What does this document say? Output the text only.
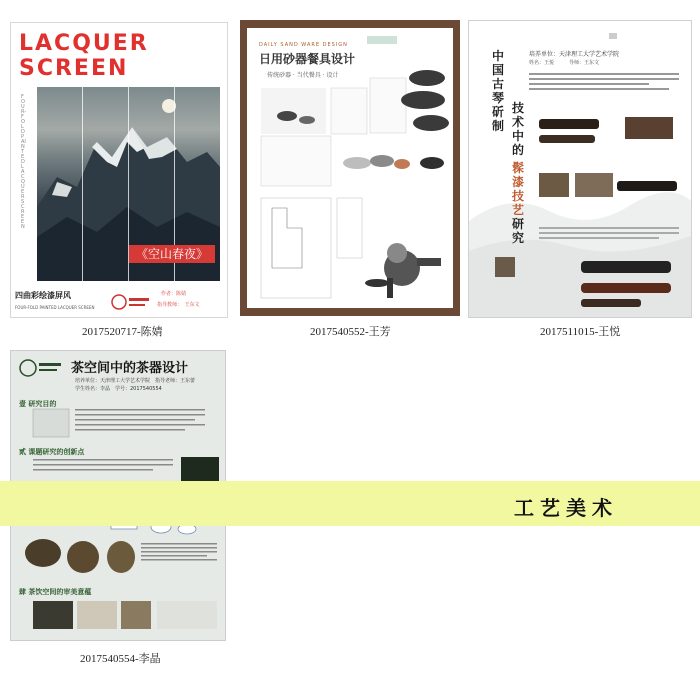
LACQUER
SCREEN
FOUR-FOLD PAINTED LACQUER SCREEN
《空山春夜》
四曲彩绘漆屏风
FOUR-FOLD PAINTED LACQUER SCREEN
作者：陈婧
指导教师：　王东文
2017520717-陈婧
DAILY SAND WARE DESIGN
日用砂器餐具设计
传统砂器 · 当代餐具 · 设计
2017540552-王芳
中国古琴斫制
技术中的
髹漆技艺
研究
培养单位：天津理工大学艺术学院
姓名：王悦　　　导师：王东文
2017511015-王悦
茶空间中的茶器设计
培养单位：天津理工大学艺术学院　指导老师：王东蕾
学生姓名：李晶　学号：2017540554
壹 研究目的
贰 课题研究的创新点
肆 茶饮空间的审美意蕴
2017540554-李晶
工艺美术
